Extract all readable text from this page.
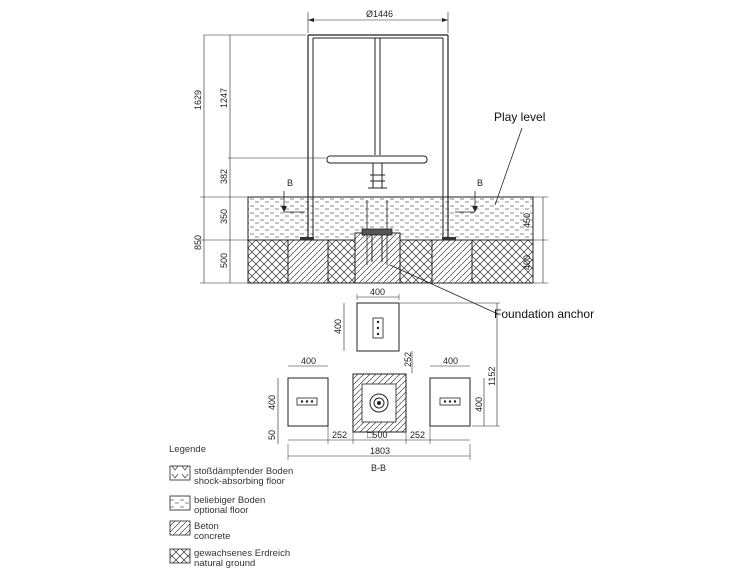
B	B
Ø1446
1629 1247
382
350
850
500
450
400
Play level
Foundation anchor
400
400
252
400
400
400
400
1152
50	252 □500	252
1803
B-B
Legende
stoßdämpfender Boden
shock-absorbing floor
beliebiger Boden
optional floor
Beton
concrete
gewachsenes Erdreich
natural ground
